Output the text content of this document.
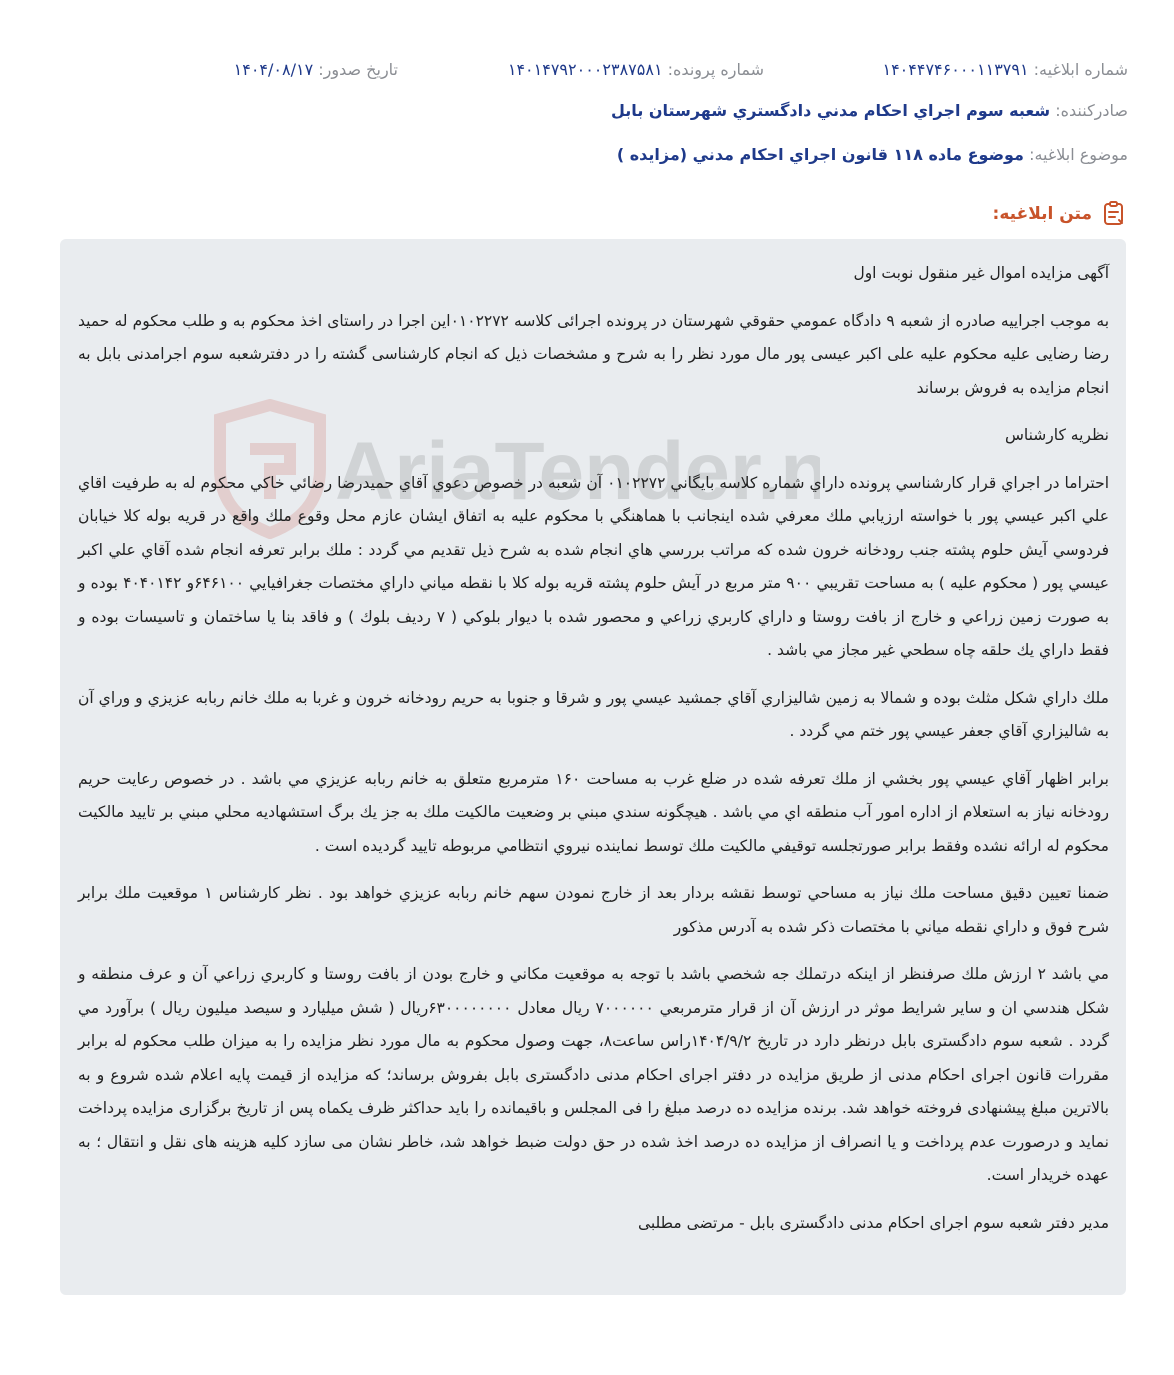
شماره ابلاغیه: ۱۴۰۴۴۷۴۶۰۰۰۱۱۳۷۹۱
شماره پرونده: ۱۴۰۱۴۷۹۲۰۰۰۲۳۸۷۵۸۱
تاریخ صدور: ۱۴۰۴/۰۸/۱۷
صادرکننده: شعبه سوم اجراي احكام مدني دادگستري شهرستان بابل
موضوع ابلاغیه: موضوع ماده ۱۱۸ قانون اجراي احكام مدني (مزايده )
متن ابلاغیه:
AriaTender.n

آگهی مزایده اموال غیر منقول نوبت اول

به موجب اجراییه صادره از شعبه ۹ دادگاه عمومي حقوقي شهرستان در پرونده اجرائی کلاسه ۰۱۰۲۲۷۲این اجرا در راستای اخذ محکوم به و طلب محکوم له حمید رضا رضایی علیه محکوم علیه علی اکبر عیسی پور مال مورد نظر را به شرح و مشخصات ذیل که انجام کارشناسی گشته را در دفترشعبه سوم اجرامدنی بابل به انجام مزایده به فروش برساند

نظریه کارشناس

احتراما در اجراي قرار كارشناسي پرونده داراي شماره كلاسه بايگاني ۰۱۰۲۲۷۲ آن شعبه در خصوص دعوي آقاي حميدرضا رضائي خاكي محكوم له به طرفيت اقاي علي اكبر عيسي پور با خواسته ارزيابي ملك معرفي شده اينجانب با هماهنگي با محكوم عليه به اتفاق ايشان عازم محل وقوع ملك واقع در قريه بوله كلا خيابان فردوسي آيش حلوم پشته جنب رودخانه خرون شده كه مراتب بررسي هاي انجام شده به شرح ذيل تقديم مي گردد : ملك برابر تعرفه انجام شده آقاي علي اكبر عيسي پور ( محكوم عليه ) به مساحت تقريبي ۹۰۰ متر مربع در آيش حلوم پشته قريه بوله كلا با نقطه مياني داراي مختصات جغرافيايي ۶۴۶۱۰۰و ۴۰۴۰۱۴۲ بوده و به صورت زمين زراعي و خارج از بافت روستا و داراي كاربري زراعي و محصور شده با ديوار بلوكي ( ۷ رديف بلوك ) و فاقد بنا يا ساختمان و تاسيسات بوده و فقط داراي يك حلقه چاه سطحي غير مجاز مي باشد .

ملك داراي شكل مثلث بوده و شمالا به زمين شاليزاري آقاي جمشيد عيسي پور و شرقا و جنوبا به حريم رودخانه خرون و غربا به ملك خانم ربابه عزيزي و وراي آن به شاليزاري آقاي جعفر عيسي پور ختم مي گردد .

برابر اظهار آقاي عيسي پور بخشي از ملك تعرفه شده در ضلع غرب به مساحت ۱۶۰ مترمربع متعلق به خانم ربابه عزيزي مي باشد . در خصوص رعايت حريم رودخانه نياز به استعلام از اداره امور آب منطقه اي مي باشد . هيچگونه سندي مبني بر وضعيت مالكيت ملك به جز يك برگ استشهاديه محلي مبني بر تاييد مالكيت محكوم له ارائه نشده وفقط برابر صورتجلسه توقيفي مالكيت ملك توسط نماينده نيروي انتظامي مربوطه تاييد گرديده است .

ضمنا تعيين دقيق مساحت ملك نياز به مساحي توسط نقشه بردار بعد از خارج نمودن سهم خانم ربابه عزيزي خواهد بود . نظر كارشناس ۱ موقعيت ملك برابر شرح فوق و داراي نقطه مياني با مختصات ذكر شده به آدرس مذكور

مي باشد ۲ ارزش ملك صرفنظر از اينكه درتملك جه شخصي باشد با توجه به موقعيت مكاني و خارج بودن از بافت روستا و كاربري زراعي آن و عرف منطقه و شكل هندسي ان و ساير شرايط موثر در ارزش آن از قرار مترمربعي ۷۰۰۰۰۰۰ ريال معادل ۶۳۰۰۰۰۰۰۰۰ريال ( شش ميليارد و سيصد ميليون ريال ) برآورد مي گردد . شعبه سوم دادگستری بابل درنظر دارد در تاریخ ۱۴۰۴/۹/۲راس ساعت۸، جهت وصول محکوم به مال مورد نظر مزایده را به میزان طلب محکوم له برابر مقررات قانون اجرای احکام مدنی از طریق مزایده در دفتر اجرای احکام مدنی دادگستری بابل بفروش برساند؛ که مزایده از قیمت پایه اعلام شده شروع و به بالاترین مبلغ پیشنهادی فروخته خواهد شد. برنده مزایده ده درصد مبلغ را فی المجلس و باقیمانده را باید حداکثر ظرف یکماه پس از تاریخ برگزاری مزایده پرداخت نماید و درصورت عدم پرداخت و یا انصراف از مزایده ده درصد اخذ شده در حق دولت ضبط خواهد شد، خاطر نشان می سازد کلیه هزینه های نقل و انتقال ؛ به عهده خریدار است.

مدیر دفتر شعبه سوم اجرای احکام مدنی دادگستری بابل - مرتضی مطلبی
